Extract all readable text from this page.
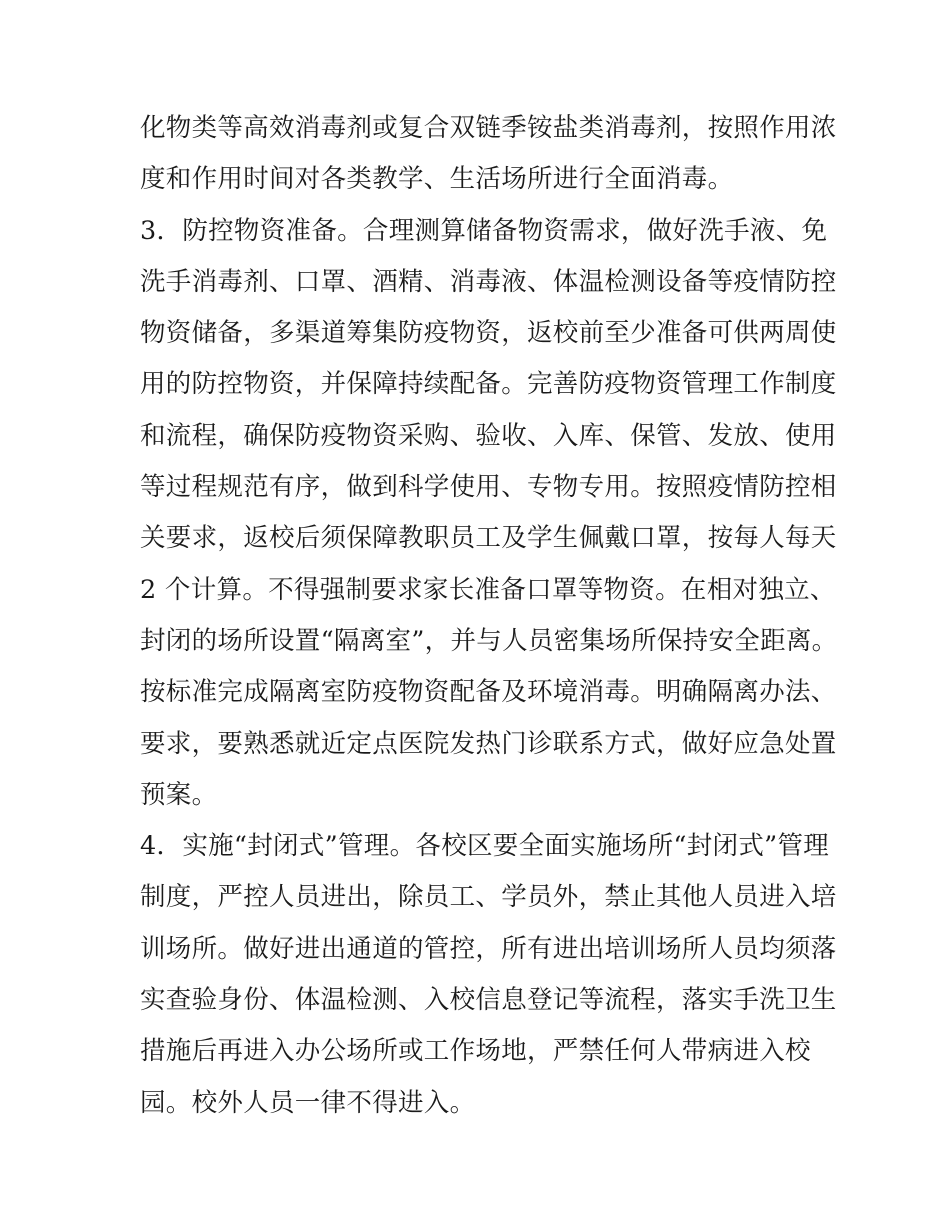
化物类等高效消毒剂或复合双链季铵盐类消毒剂，按照作用浓
度和作用时间对各类教学、生活场所进行全面消毒。
3．防控物资准备。合理测算储备物资需求，做好洗手液、免
洗手消毒剂、口罩、酒精、消毒液、体温检测设备等疫情防控
物资储备，多渠道筹集防疫物资，返校前至少准备可供两周使
用的防控物资，并保障持续配备。完善防疫物资管理工作制度
和流程，确保防疫物资采购、验收、入库、保管、发放、使用
等过程规范有序，做到科学使用、专物专用。按照疫情防控相
关要求，返校后须保障教职员工及学生佩戴口罩，按每人每天
2 个计算。不得强制要求家长准备口罩等物资。在相对独立、
封闭的场所设置“隔离室”，并与人员密集场所保持安全距离。
按标准完成隔离室防疫物资配备及环境消毒。明确隔离办法、
要求，要熟悉就近定点医院发热门诊联系方式，做好应急处置
预案。
4．实施“封闭式”管理。各校区要全面实施场所“封闭式”管理
制度，严控人员进出，除员工、学员外，禁止其他人员进入培
训场所。做好进出通道的管控，所有进出培训场所人员均须落
实查验身份、体温检测、入校信息登记等流程，落实手洗卫生
措施后再进入办公场所或工作场地，严禁任何人带病进入校
园。校外人员一律不得进入。
